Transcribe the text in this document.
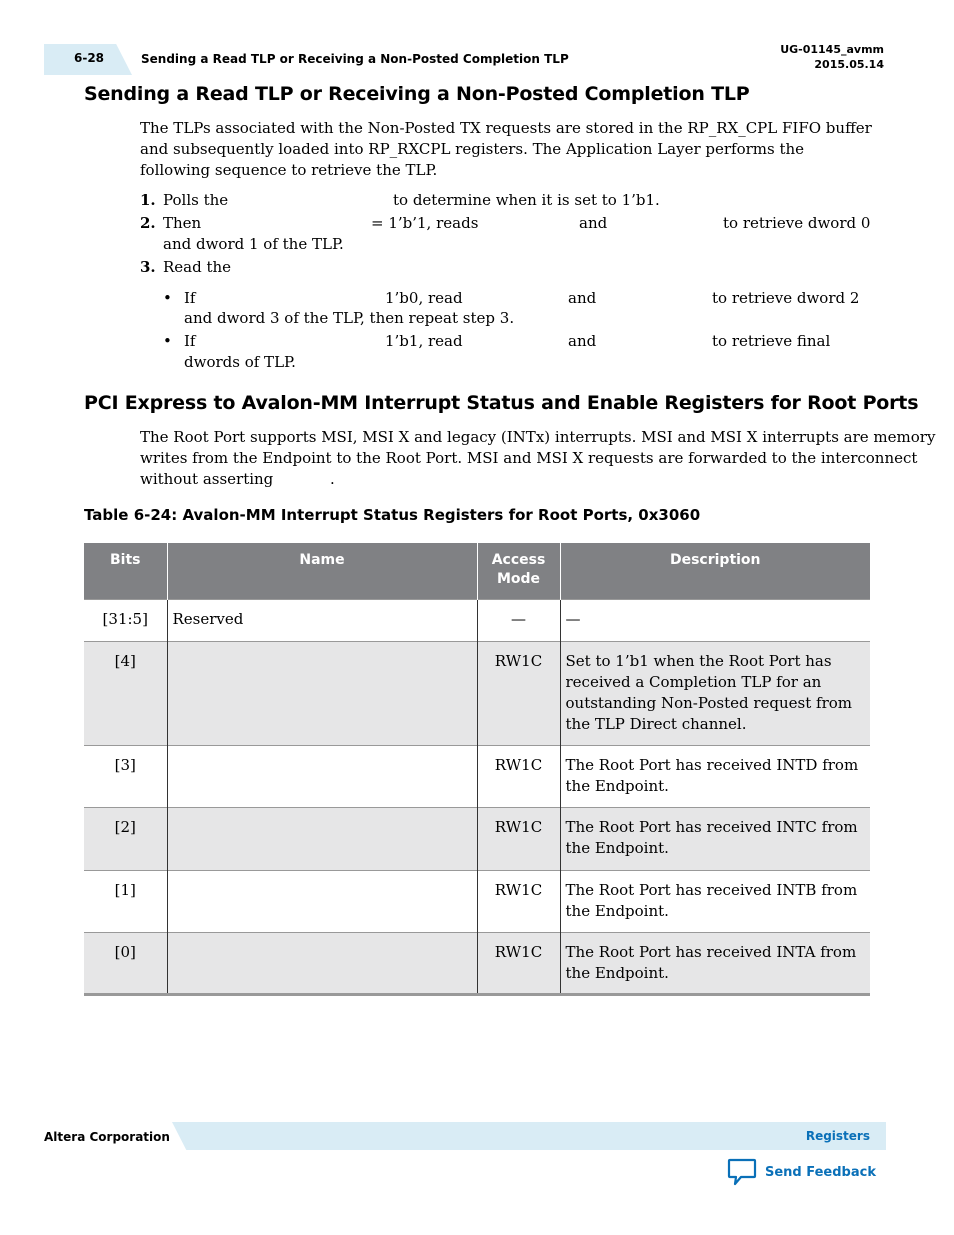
6-28	Sending a Read TLP or Receiving a Non-Posted Completion TLP
UG-01145_avmm
2015.05.14
Sending a Read TLP or Receiving a Non-Posted Completion TLP

The TLPs associated with the Non-Posted TX requests are stored in the RP_RX_CPL FIFO buffer and subsequently loaded into RP_RXCPL registers. The Application Layer performs the following sequence to retrieve the TLP.

1. Polls the	to determine when it is set to 1’b1.
2. Then	= 1’b’1, reads	and	to retrieve dword 0
and dword 1 of the TLP.
3. Read the
• If	1’b0, read	and	to retrieve dword 2
and dword 3 of the TLP, then repeat step 3.
• If	1’b1, read	and	to retrieve final
dwords of TLP.
PCI Express to Avalon-MM Interrupt Status and Enable Registers for Root Ports
The Root Port supports MSI, MSI X and legacy (INTx) interrupts. MSI and MSI X interrupts are memory
writes from the Endpoint to the Root Port. MSI and MSI X requests are forwarded to the interconnect
without asserting	.
Table 6-24: Avalon-MM Interrupt Status Registers for Root Ports, 0x3060
Bits	Name	Access Mode	Description
[31:5]	Reserved	—	—
[4]		RW1C	Set to 1’b1 when the Root Port has received a Completion TLP for an outstanding Non-Posted request from the TLP Direct channel.
[3]		RW1C	The Root Port has received INTD from the Endpoint.
[2]		RW1C	The Root Port has received INTC from the Endpoint.
[1]		RW1C	The Root Port has received INTB from the Endpoint.
[0]		RW1C	The Root Port has received INTA from the Endpoint.
Altera Corporation	Registers
Send Feedback
